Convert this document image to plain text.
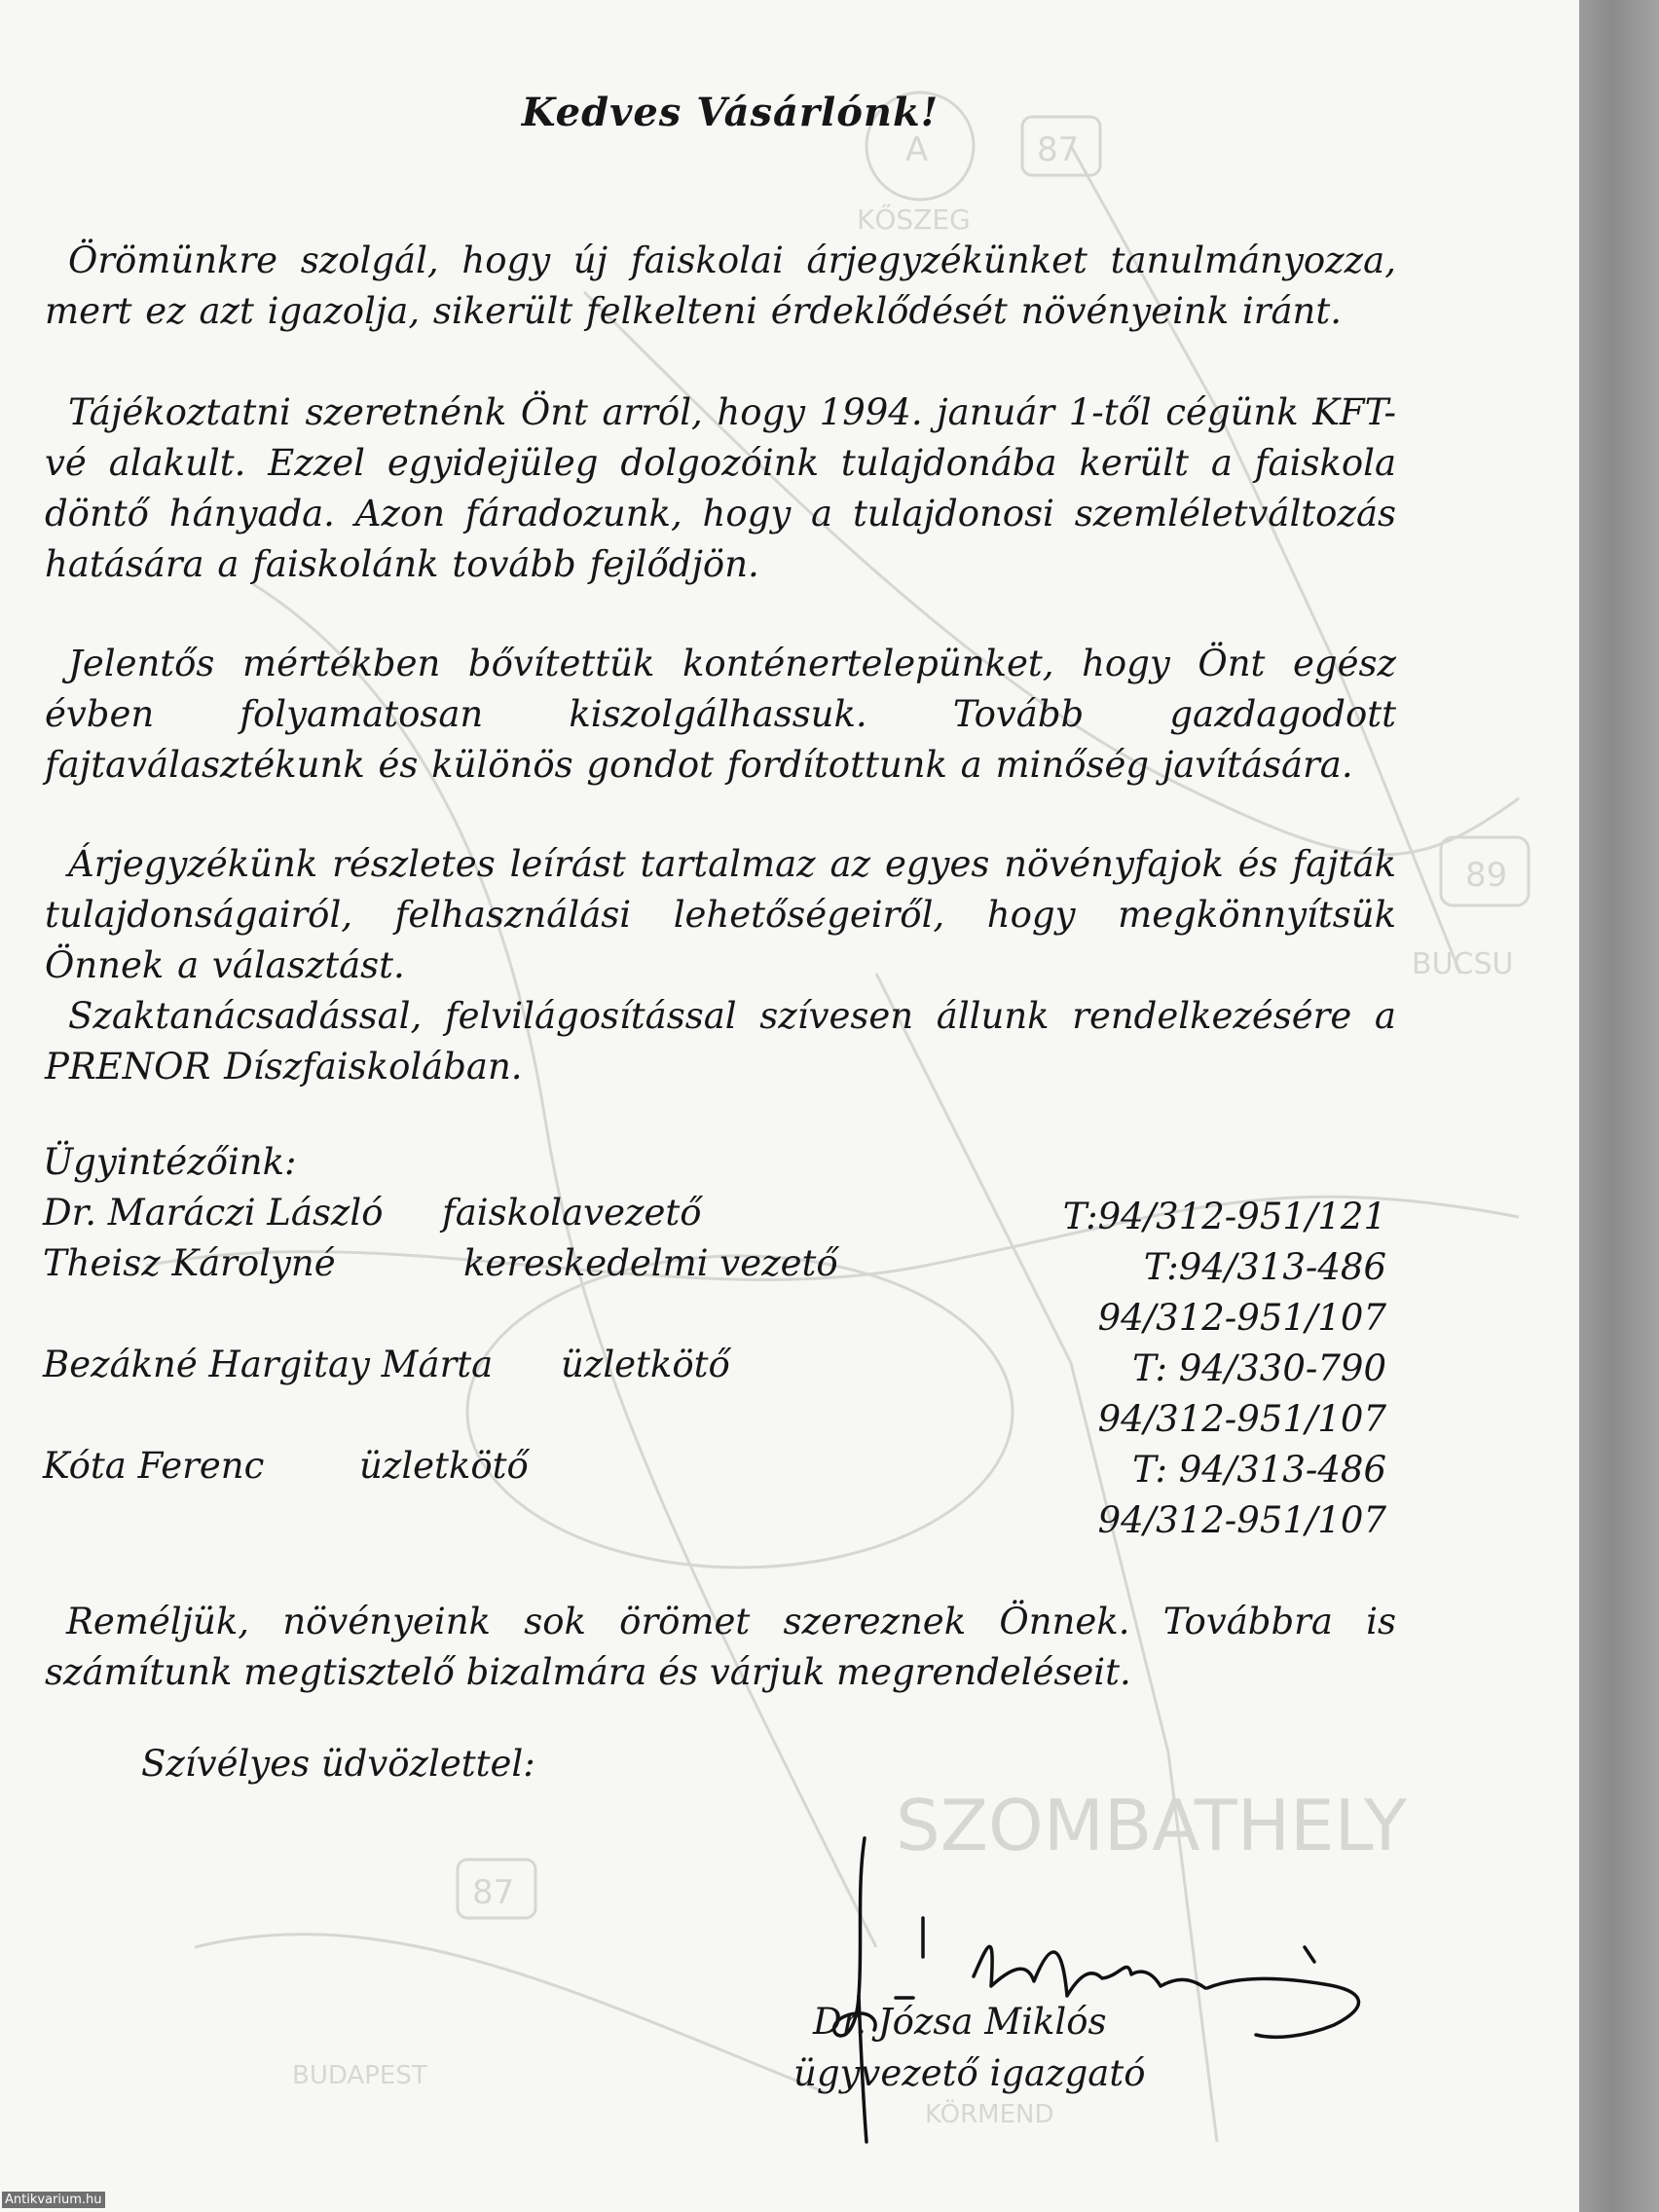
SZOMBATHELY
87
A
89
87
BUCSU
KŐSZEG
KÖRMEND
BUDAPEST
Kedves Vásárlónk!
Örömünkre szolgál, hogy új faiskolai árjegyzékünket tanulmányozza, mert ez azt igazolja, sikerült felkelteni érdeklődését növényeink iránt.
Tájékoztatni szeretnénk Önt arról, hogy 1994. január 1-től cégünk KFT-vé alakult. Ezzel egyidejüleg dolgozóink tulajdonába került a faiskola döntő hányada. Azon fáradozunk, hogy a tulajdonosi szemléletváltozás hatására a faiskolánk tovább fejlődjön.
Jelentős mértékben bővítettük konténertelepünket, hogy Önt egész évben folyamatosan kiszolgálhassuk. Tovább gazdagodott fajtaválasztékunk és különös gondot fordítottunk a minőség javítására.
Árjegyzékünk részletes leírást tartalmaz az egyes növényfajok és fajták tulajdonságairól, felhasználási lehetőségeiről, hogy megkönnyítsük Önnek a választást.
Szaktanácsadással, felvilágosítással szívesen állunk rendelkezésére a PRENOR Díszfaiskolában.
Ügyintézőink:
Dr. Maráczi László faiskolavezető	T:94/312-951/121
Theisz Károlyné	kereskedelmi vezető	T:94/313-486
94/312-951/107
Bezákné Hargitay Márta üzletkötő	T: 94/330-790
94/312-951/107
Kóta Ferenc	üzletkötő	T: 94/313-486
94/312-951/107
Reméljük, növényeink sok örömet szereznek Önnek. Továbbra is számítunk megtisztelő bizalmára és várjuk megrendeléseit.
Szívélyes üdvözlettel:
Dr. Józsa Miklós
ügyvezető igazgató
Antikvarium.hu
